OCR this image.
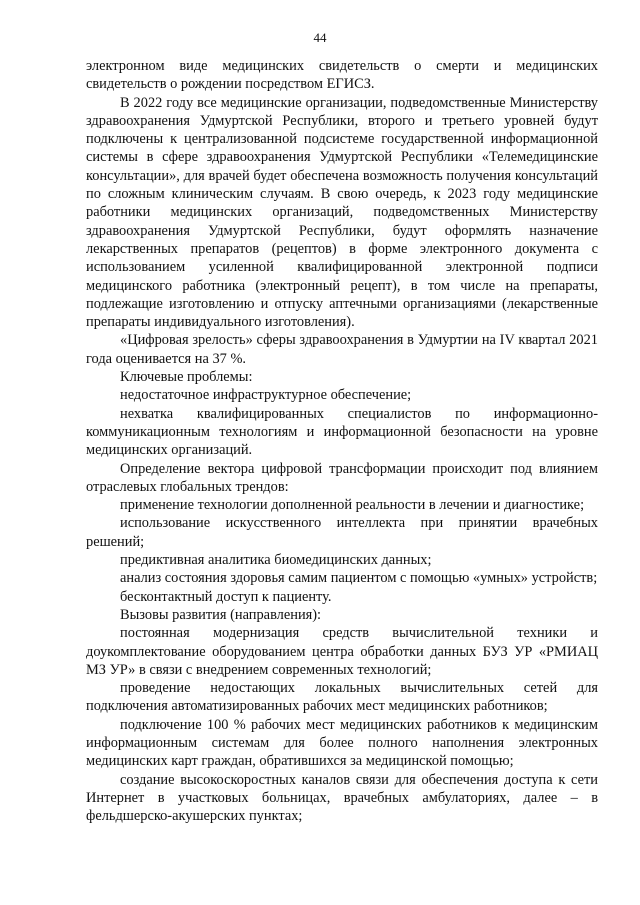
44

электронном виде медицинских свидетельств о смерти и медицинских свидетельств о рождении посредством ЕГИСЗ.

В 2022 году все медицинские организации, подведомственные Министерству здравоохранения Удмуртской Республики, второго и третьего уровней будут подключены к централизованной подсистеме государственной информационной системы в сфере здравоохранения Удмуртской Республики «Телемедицинские консультации», для врачей будет обеспечена возможность получения консультаций по сложным клиническим случаям. В свою очередь, к 2023 году медицинские работники медицинских организаций, подведомственных Министерству здравоохранения Удмуртской Республики, будут оформлять назначение лекарственных препаратов (рецептов) в форме электронного документа с использованием усиленной квалифицированной электронной подписи медицинского работника (электронный рецепт), в том числе на препараты, подлежащие изготовлению и отпуску аптечными организациями (лекарственные препараты индивидуального изготовления).

«Цифровая зрелость» сферы здравоохранения в Удмуртии на IV квартал 2021 года оценивается на 37 %.

Ключевые проблемы:

недостаточное инфраструктурное обеспечение;

нехватка квалифицированных специалистов по информационно-коммуникационным технологиям и информационной безопасности на уровне медицинских организаций.

Определение вектора цифровой трансформации происходит под влиянием отраслевых глобальных трендов:

применение технологии дополненной реальности в лечении и диагностике;

использование искусственного интеллекта при принятии врачебных решений;

предиктивная аналитика биомедицинских данных;

анализ состояния здоровья самим пациентом с помощью «умных» устройств;

бесконтактный доступ к пациенту.

Вызовы развития (направления):

постоянная модернизация средств вычислительной техники и доукомплектование оборудованием центра обработки данных БУЗ УР «РМИАЦ МЗ УР» в связи с внедрением современных технологий;

проведение недостающих локальных вычислительных сетей для подключения автоматизированных рабочих мест медицинских работников;

подключение 100 % рабочих мест медицинских работников к медицинским информационным системам для более полного наполнения электронных медицинских карт граждан, обратившихся за медицинской помощью;

создание высокоскоростных каналов связи для обеспечения доступа к сети Интернет в участковых больницах, врачебных амбулаториях, далее – в фельдшерско-акушерских пунктах;
